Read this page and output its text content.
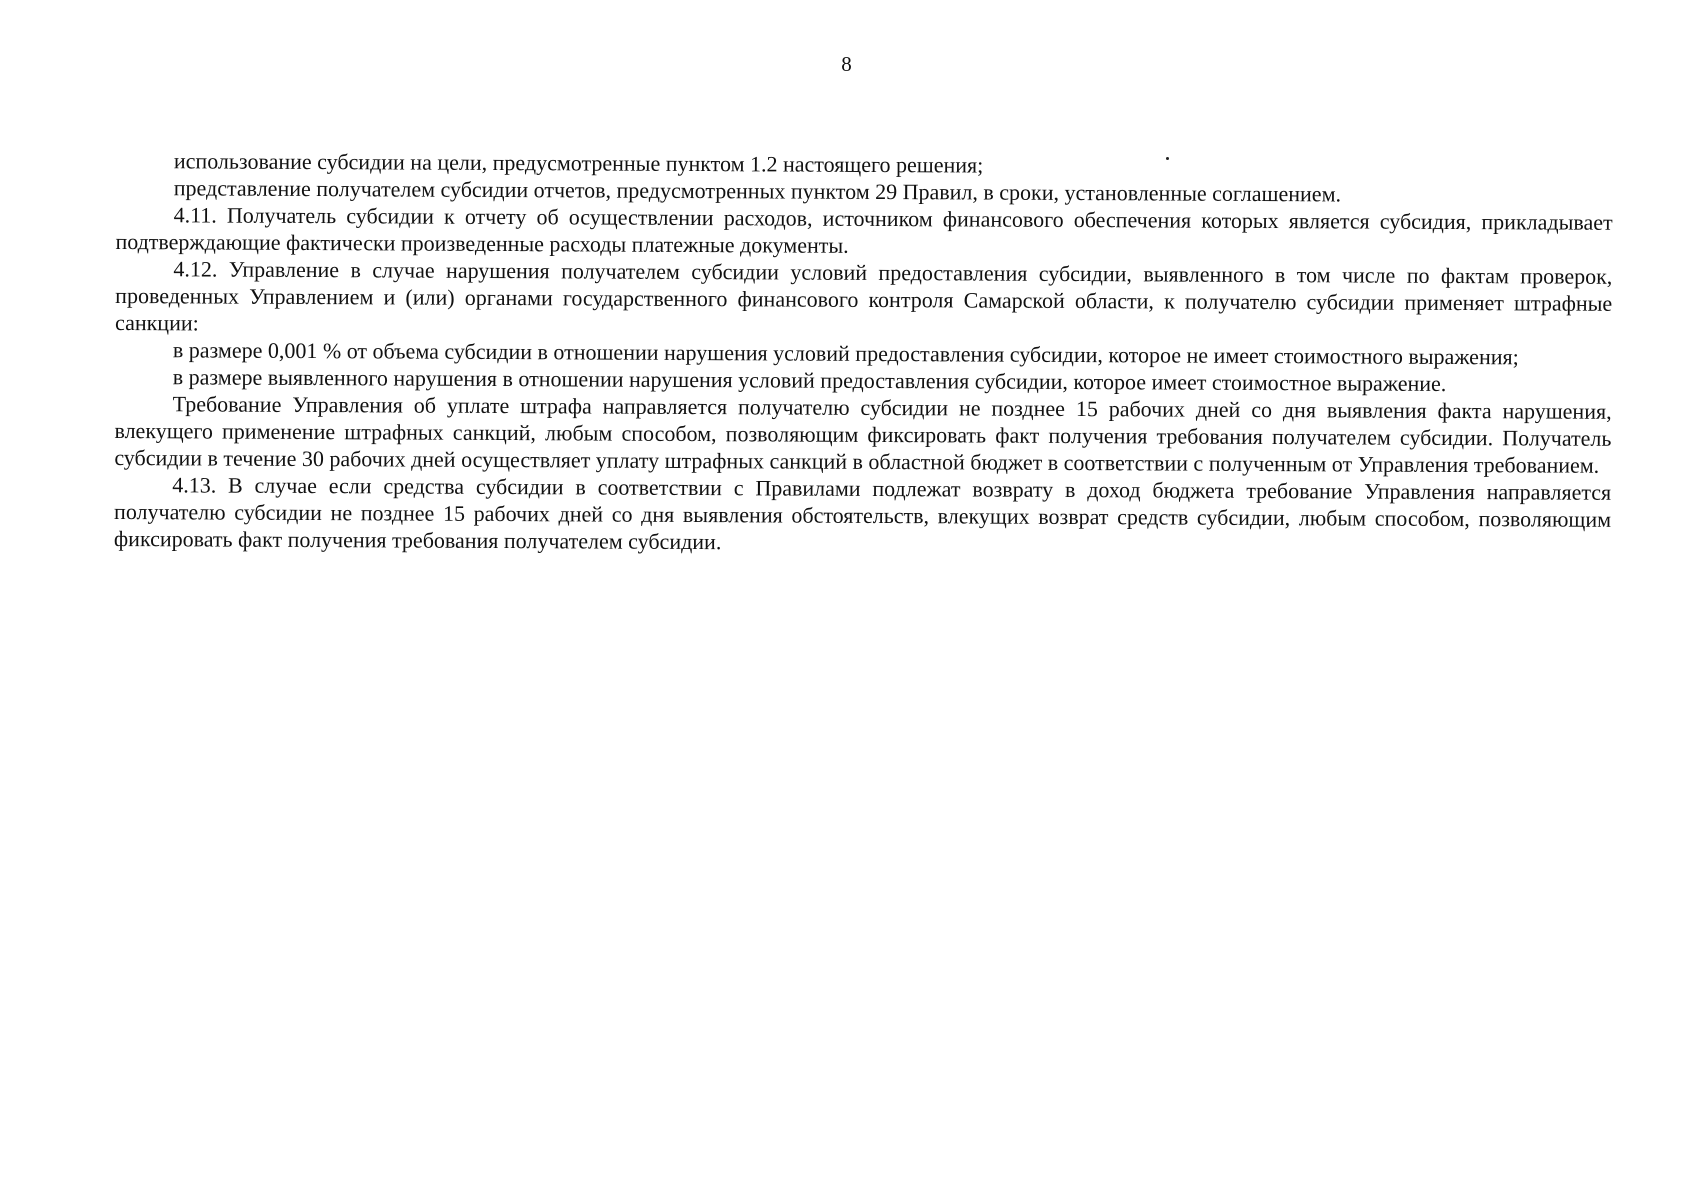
8

использование субсидии на цели, предусмотренные пунктом 1.2 настоящего решения;

представление получателем субсидии отчетов, предусмотренных пунктом 29 Правил, в сроки, установленные соглашением.

4.11. Получатель субсидии к отчету об осуществлении расходов, источником финансового обеспечения которых является субсидия, прикладывает подтверждающие фактически произведенные расходы платежные документы.

4.12. Управление в случае нарушения получателем субсидии условий предоставления субсидии, выявленного в том числе по фактам проверок, проведенных Управлением и (или) органами государственного финансового контроля Самарской области, к получателю субсидии применяет штрафные санкции:

в размере 0,001 % от объема субсидии в отношении нарушения условий предоставления субсидии, которое не имеет стоимостного выражения;

в размере выявленного нарушения в отношении нарушения условий предоставления субсидии, которое имеет стоимостное выражение.

Требование Управления об уплате штрафа направляется получателю субсидии не позднее 15 рабочих дней со дня выявления факта нарушения, влекущего применение штрафных санкций, любым способом, позволяющим фиксировать факт получения требования получателем субсидии. Получатель субсидии в течение 30 рабочих дней осуществляет уплату штрафных санкций в областной бюджет в соответствии с полученным от Управления требованием.

4.13. В случае если средства субсидии в соответствии с Правилами подлежат возврату в доход бюджета требование Управления направляется получателю субсидии не позднее 15 рабочих дней со дня выявления обстоятельств, влекущих возврат средств субсидии, любым способом, позволяющим фиксировать факт получения требования получателем субсидии.
